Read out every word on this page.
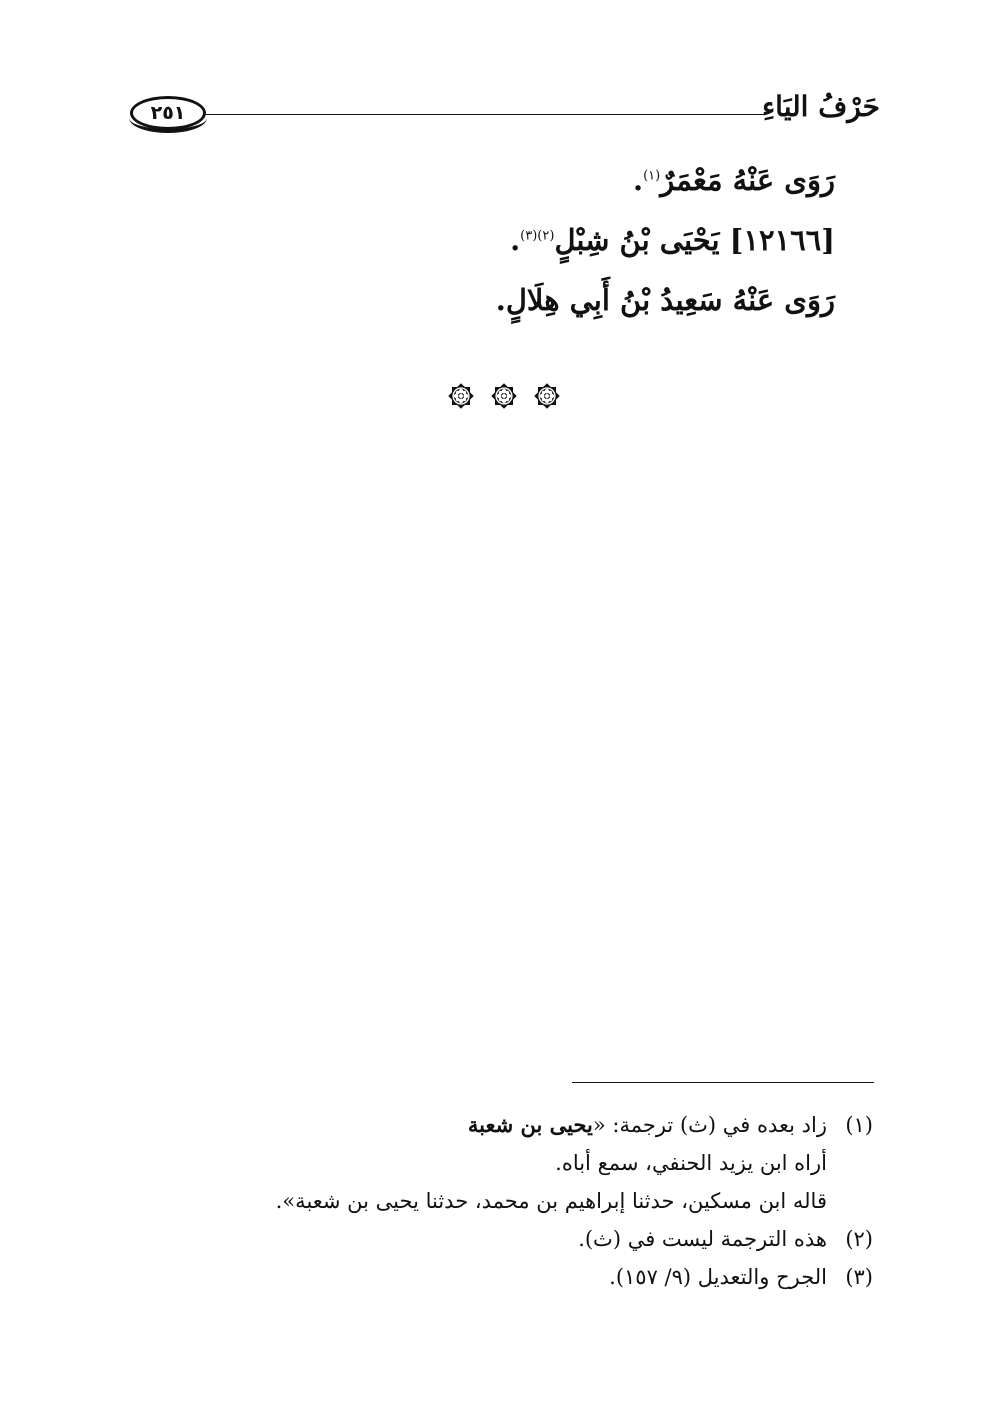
٢٥١	حَرْفُ اليَاءِ
رَوَى عَنْهُ مَعْمَرٌ$^{(١)}$.
[١٢١٦٦] يَحْيَى بْنُ شِبْلٍ$^{(٢)(٣)}$.
رَوَى عَنْهُ سَعِيدُ بْنُ أَبِي هِلَالٍ.
(١)زاد بعده في (ث) ترجمة: «يحيى بن شعبة
أراه ابن يزيد الحنفي، سمع أباه.
قاله ابن مسكين، حدثنا إبراهيم بن محمد، حدثنا يحيى بن شعبة».
(٢)هذه الترجمة ليست في (ث).
(٣)الجرح والتعديل (٩/ ١٥٧).
